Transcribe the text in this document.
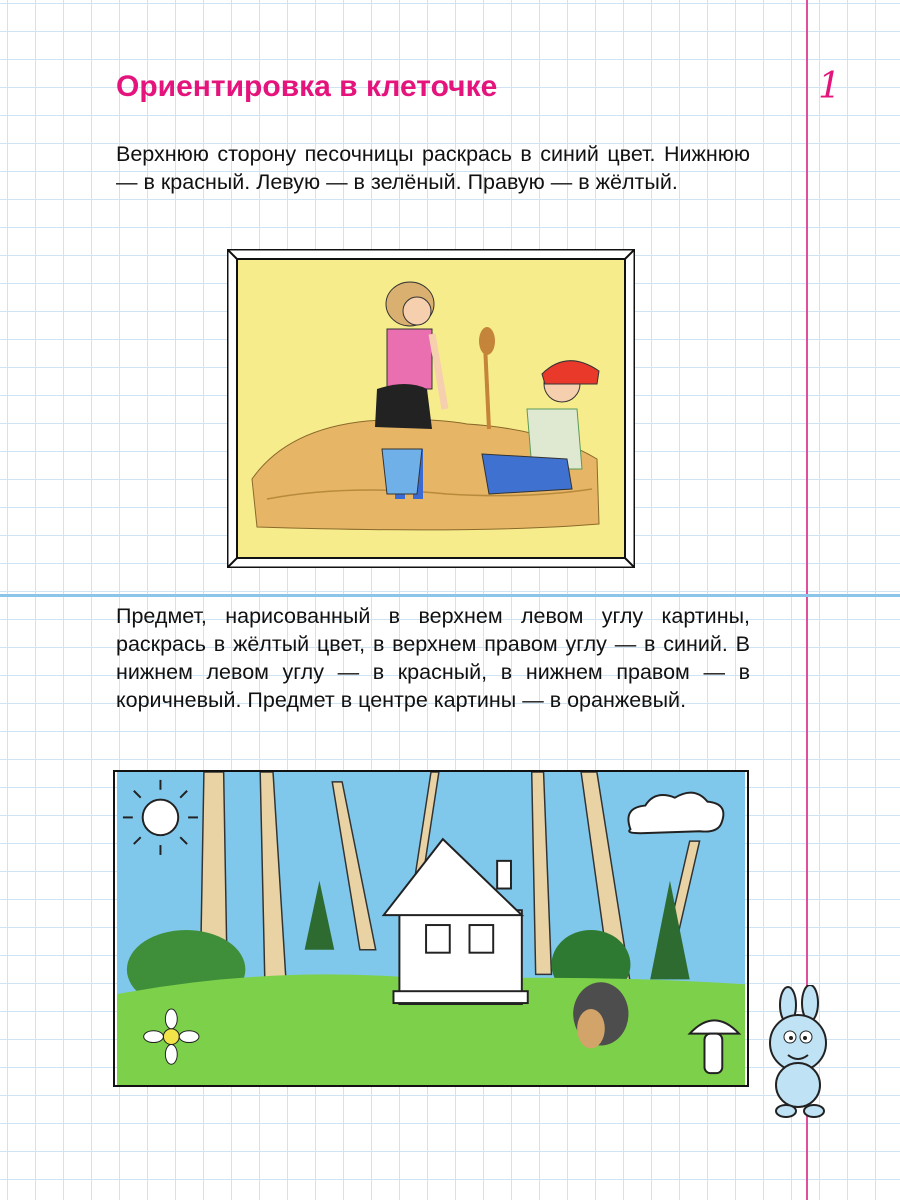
Ориентировка в клеточке	1

Верхнюю сторону песочницы раскрась в синий цвет. Нижнюю — в красный. Левую — в зелёный. Правую — в жёлтый.

Предмет, нарисованный в верхнем левом углу картины, раскрась в жёлтый цвет, в верхнем правом углу — в синий. В нижнем левом углу — в красный, в нижнем правом — в коричневый. Предмет в центре картины — в оранжевый.
